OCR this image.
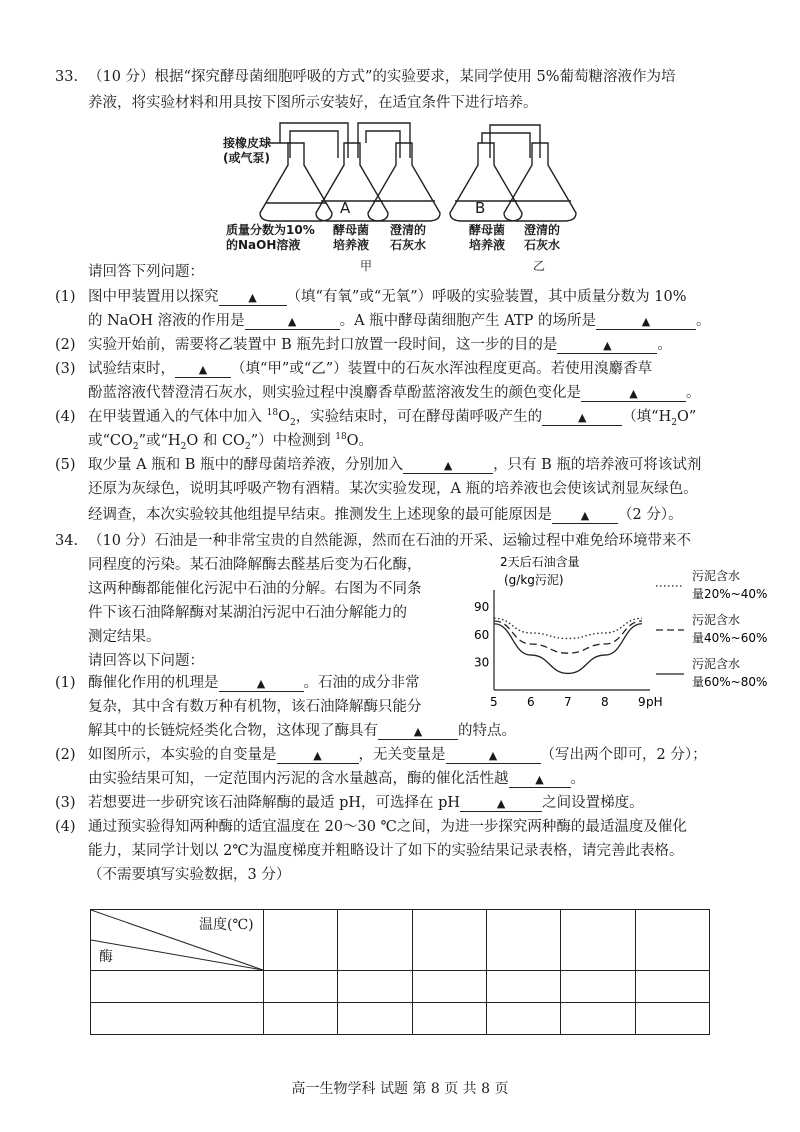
33. （10 分）根据“探究酵母菌细胞呼吸的方式”的实验要求，某同学使用 5%葡萄糖溶液作为培
养液，将实验材料和用具按下图所示安装好，在适宜条件下进行培养。
接橡皮球
(或气泵)
A	B
质量分数为10%
的NaOH溶液
酵母菌
培养液
澄清的
石灰水
酵母菌
培养液
澄清的
石灰水
甲	乙
请回答下列问题：
(1) 图中甲装置用以探究	▲ （填“有氧”或“无氧”）呼吸的实验装置，其中质量分数为 10%
的 NaOH 溶液的作用是	▲	。A 瓶中酵母菌细胞产生 ATP 的场所是	▲	。
(2) 实验开始前，需要将乙装置中 B 瓶先封口放置一段时间，这一步的目的是	▲	。
(3) 试验结束时， ▲ （填“甲”或“乙”）装置中的石灰水浑浊程度更高。若使用溴麝香草
酚蓝溶液代替澄清石灰水，则实验过程中溴麝香草酚蓝溶液发生的颜色变化是	▲	。
(4) 在甲装置通入的气体中加入 $^{18}O_2$，实验结束时，可在酵母菌呼吸产生的	▲ （填“$H_2O$”
或“$CO_2$”或“$H_2O$ 和 $CO_2$”）中检测到 $^{18}$O。
(5) 取少量 A 瓶和 B 瓶中的酵母菌培养液，分别加入	▲	，只有 B 瓶的培养液可将该试剂
还原为灰绿色，说明其呼吸产物有酒精。某次实验发现，A 瓶的培养液也会使该试剂显灰绿色。
经调查，本次实验较其他组提早结束。推测发生上述现象的最可能原因是	▲ （2 分）。
34. （10 分）石油是一种非常宝贵的自然能源，然而在石油的开采、运输过程中难免给环境带来不
同程度的污染。某石油降解酶去醛基后变为石化酶，
这两种酶都能催化污泥中石油的分解。右图为不同条
件下该石油降解酶对某湖泊污泥中石油分解能力的
测定结果。
请回答以下问题：
2天后石油含量
(g/kg污泥)
5 6 7 8 9 pH
30
60
90
污泥含水量20%~40%
污泥含水量40%~60%
污泥含水量60%~80%
(1) 酶催化作用的机理是	▲	。石油的成分非常
复杂，其中含有数万种有机物，该石油降解酶只能分
解其中的长链烷烃类化合物，这体现了酶具有	▲ 的特点。
(2) 如图所示，本实验的自变量是	▲	，无关变量是	▲	（写出两个即可，2 分）；
由实验结果可知，一定范围内污泥的含水量越高，酶的催化活性越 ▲ 。
(3) 若想要进一步研究该石油降解酶的最适 pH，可选择在 pH	▲	之间设置梯度。
(4) 通过预实验得知两种酶的适宜温度在 20～30 ℃之间，为进一步探究两种酶的最适温度及催化
能力，某同学计划以 2℃为温度梯度并粗略设计了如下的实验结果记录表格，请完善此表格。
（不需要填写实验数据，3 分）
温度(℃)
酶						

高一生物学科 试题 第 8 页 共 8 页
